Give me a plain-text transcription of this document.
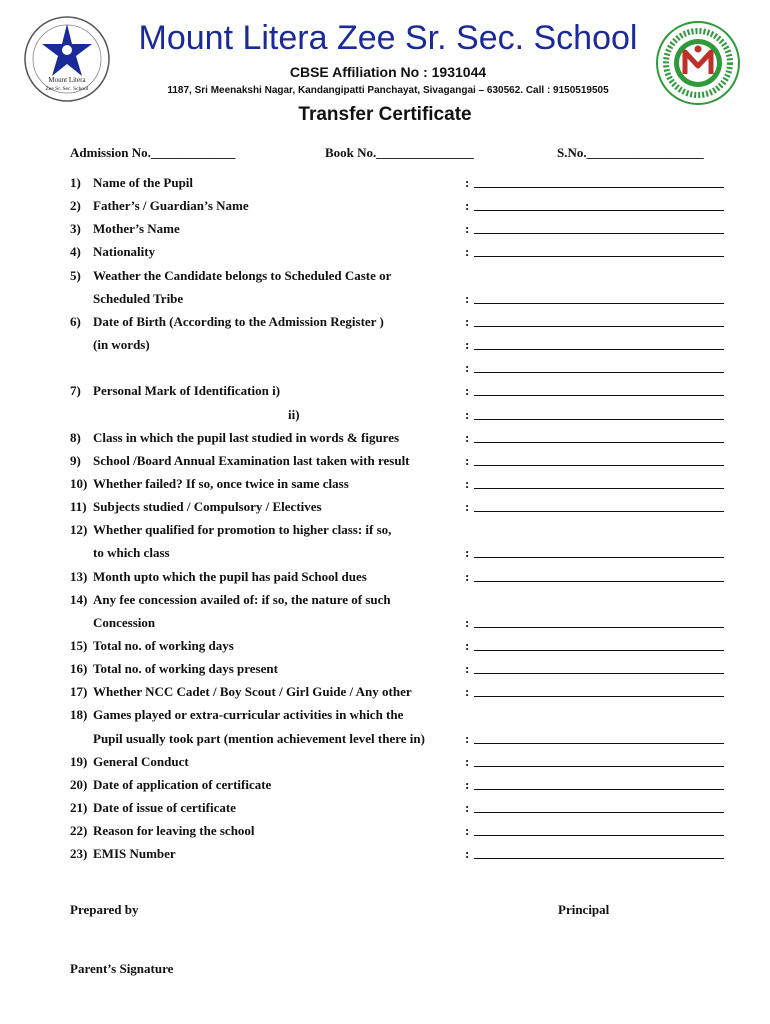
Mount Litera
Zee Sr. Sec. School
Mount Litera Zee Sr. Sec. School
CBSE Affiliation No : 1931044
1187, Sri Meenakshi Nagar, Kandangipatti Panchayat, Sivagangai – 630562. Call : 9150519505
Transfer Certificate
Admission No._____________	Book No._______________	S.No.__________________
1) Name of the Pupil	:
2) Father’s / Guardian’s Name	:
3) Mother’s Name	:
4) Nationality	:
5) Weather the Candidate belongs to Scheduled Caste or
Scheduled Tribe	:
6) Date of Birth (According to the Admission Register )	:
(in words)	:
:
7) Personal Mark of Identification i)	:
ii)	:
8) Class in which the pupil last studied in words & figures	:
9) School /Board Annual Examination last taken with result	:
10) Whether failed? If so, once twice in same class	:
11) Subjects studied / Compulsory / Electives	:
12) Whether qualified for promotion to higher class: if so,
to which class	:
13) Month upto which the pupil has paid School dues	:
14) Any fee concession availed of: if so, the nature of such
Concession	:
15) Total no. of working days	:
16) Total no. of working days present	:
17) Whether NCC Cadet / Boy Scout / Girl Guide / Any other	:
18) Games played or extra-curricular activities in which the
Pupil usually took part (mention achievement level there in)	:
19) General Conduct	:
20) Date of application of certificate	:
21) Date of issue of certificate	:
22) Reason for leaving the school	:
23) EMIS Number	:
Prepared by	Principal
Parent’s Signature
